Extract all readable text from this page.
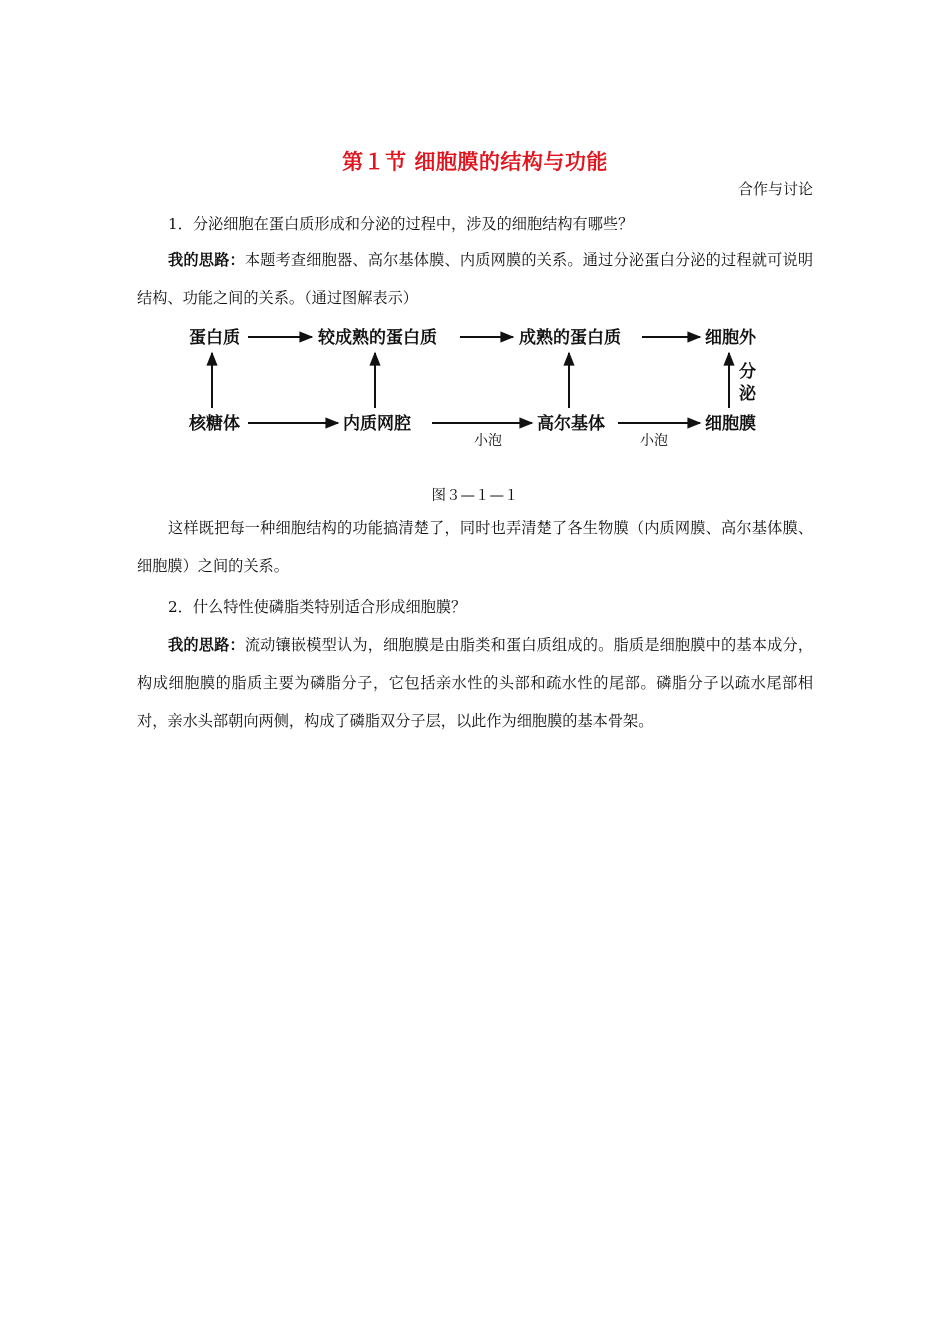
第１节 细胞膜的结构与功能
合作与讨论

1．分泌细胞在蛋白质形成和分泌的过程中，涉及的细胞结构有哪些？

我的思路：本题考查细胞器、高尔基体膜、内质网膜的关系。通过分泌蛋白分泌的过程就可说明结构、功能之间的关系。（通过图解表示）

蛋白质	较成熟的蛋白质	成熟的蛋白质	细胞外
核糖体	内质网腔	高尔基体	细胞膜
分
泌
小泡	小泡
图３—１—１

这样既把每一种细胞结构的功能搞清楚了，同时也弄清楚了各生物膜（内质网膜、高尔基体膜、细胞膜）之间的关系。

2．什么特性使磷脂类特别适合形成细胞膜？

我的思路：流动镶嵌模型认为，细胞膜是由脂类和蛋白质组成的。脂质是细胞膜中的基本成分，构成细胞膜的脂质主要为磷脂分子，它包括亲水性的头部和疏水性的尾部。磷脂分子以疏水尾部相对，亲水头部朝向两侧，构成了磷脂双分子层，以此作为细胞膜的基本骨架。
